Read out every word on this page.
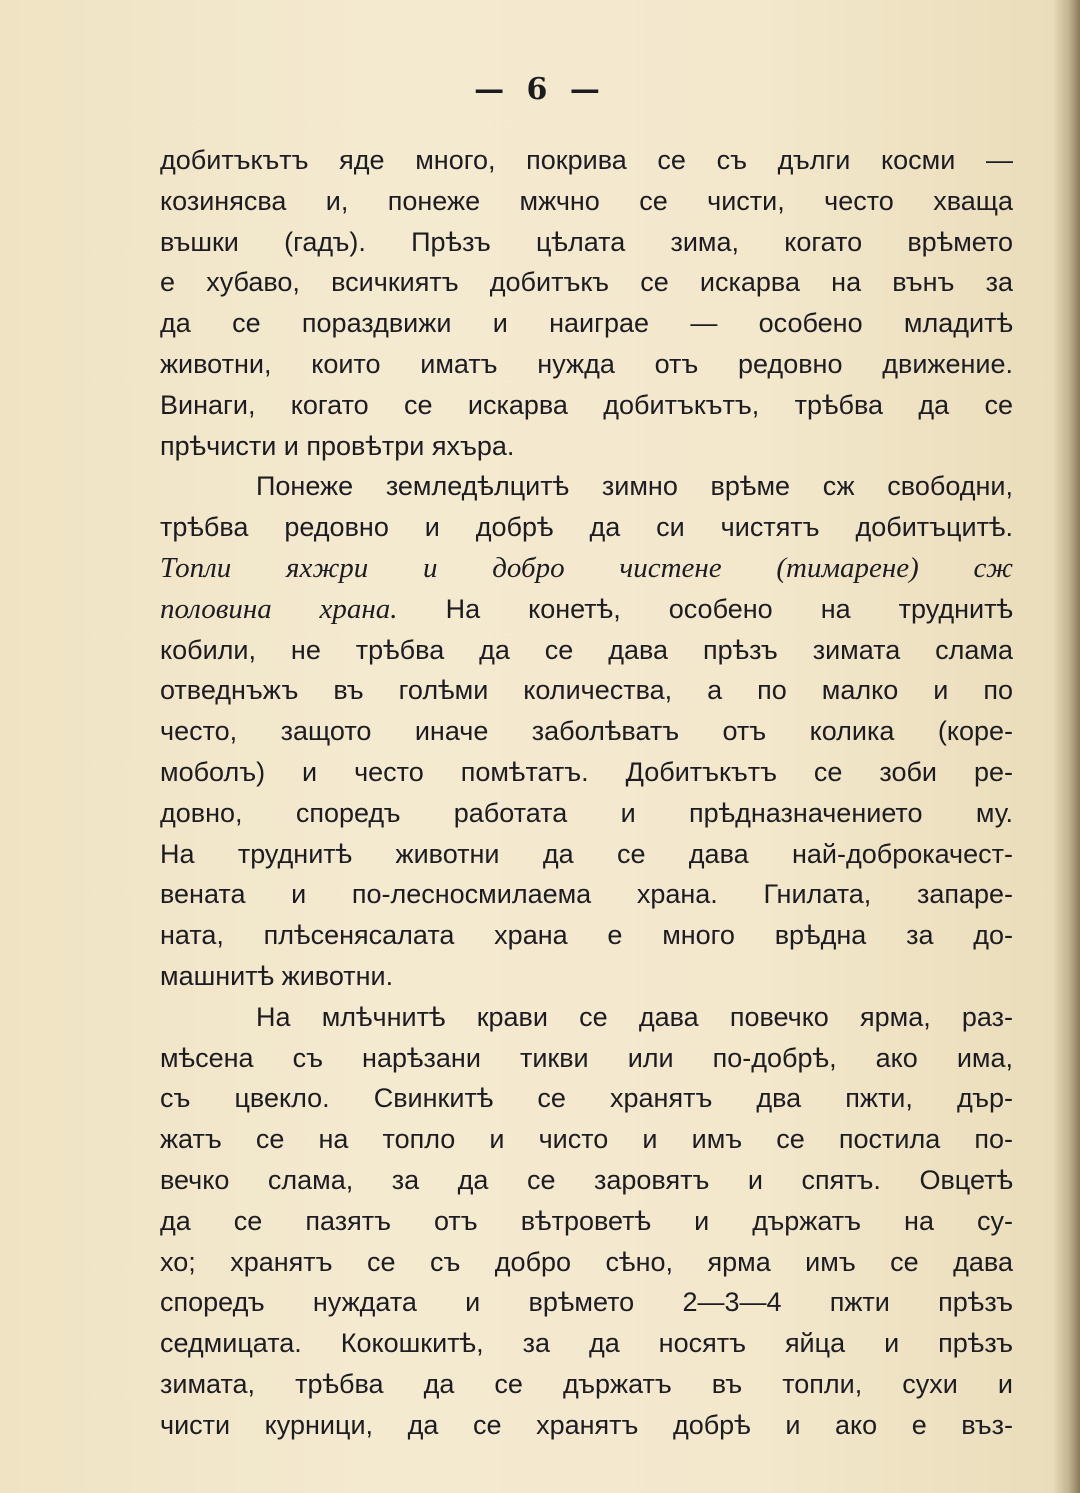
— 6 —
добитъкътъ яде много, покрива се съ дълги косми —
козинясва и, понеже мжчно се чисти, често хваща
въшки (гадъ). Прѣзъ цѣлата зима, когато врѣмето
е хубаво, всичкиятъ добитъкъ се искарва на вънъ за
да се пораздвижи и наиграе — особено младитѣ
животни, които иматъ нужда отъ редовно движение.
Винаги, когато се искарва добитъкътъ, трѣбва да се
прѣчисти и провѣтри яхъра.
Понеже земледѣлцитѣ зимно врѣме сж свободни,
трѣбва редовно и добрѣ да си чистятъ добитъцитѣ.
Топли яхжри и добро чистене (тимарене) сж
половина храна. На конетѣ, особено на труднитѣ
кобили, не трѣбва да се дава прѣзъ зимата слама
отведнъжъ въ голѣми количества, а по малко и по
често, защото иначе заболѣватъ отъ колика (коре-
моболъ) и често помѣтатъ. Добитъкътъ се зоби ре-
довно, споредъ работата и прѣдназначението му.
На труднитѣ животни да се дава най-доброкачест-
вената и по-лесносмилаема храна. Гнилата, запаре-
ната, плѣсенясалата храна е много врѣдна за до-
машнитѣ животни.
На млѣчнитѣ крави се дава повечко ярма, раз-
мѣсена съ нарѣзани тикви или по-добрѣ, ако има,
съ цвекло. Свинкитѣ се хранятъ два пжти, дър-
жатъ се на топло и чисто и имъ се постила по-
вечко слама, за да се заровятъ и спятъ. Овцетѣ
да се пазятъ отъ вѣтроветѣ и държатъ на су-
хо; хранятъ се съ добро сѣно, ярма имъ се дава
споредъ нуждата и врѣмето 2—3—4 пжти прѣзъ
седмицата. Кокошкитѣ, за да носятъ яйца и прѣзъ
зимата, трѣбва да се държатъ въ топли, сухи и
чисти курници, да се хранятъ добрѣ и ако е въз-
